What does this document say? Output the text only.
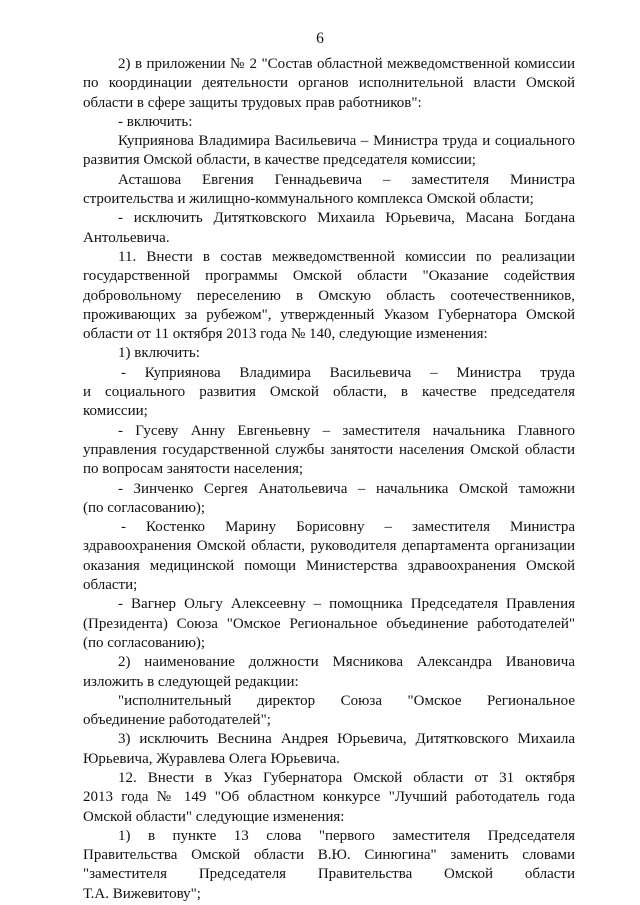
6
2) в приложении № 2 "Состав областной межведомственной комиссии
по координации деятельности органов исполнительной власти Омской
области в сфере защиты трудовых прав работников":
- включить:
Куприянова Владимира Васильевича – Министра труда и социального
развития Омской области, в качестве председателя комиссии;
Асташова Евгения Геннадьевича – заместителя Министра
строительства и жилищно-коммунального комплекса Омской области;
- исключить Дитятковского Михаила Юрьевича, Масана Богдана
Антольевича.
11. Внести в состав межведомственной комиссии по реализации
государственной программы Омской области "Оказание содействия
добровольному переселению в Омскую область соотечественников,
проживающих за рубежом", утвержденный Указом Губернатора Омской
области от 11 октября 2013 года № 140, следующие изменения:
1) включить:
- Куприянова Владимира Васильевича – Министра труда
и социального развития Омской области, в качестве председателя
комиссии;
- Гусеву Анну Евгеньевну – заместителя начальника Главного
управления государственной службы занятости населения Омской области
по вопросам занятости населения;
- Зинченко Сергея Анатольевича – начальника Омской таможни
(по согласованию);
- Костенко Марину Борисовну – заместителя Министра
здравоохранения Омской области, руководителя департамента организации
оказания медицинской помощи Министерства здравоохранения Омской
области;
- Вагнер Ольгу Алексеевну – помощника Председателя Правления
(Президента) Союза "Омское Региональное объединение работодателей"
(по согласованию);
2) наименование должности Мясникова Александра Ивановича
изложить в следующей редакции:
"исполнительный директор Союза "Омское Региональное
объединение работодателей";
3) исключить Веснина Андрея Юрьевича, Дитятковского Михаила
Юрьевича, Журавлева Олега Юрьевича.
12. Внести в Указ Губернатора Омской области от 31 октября
2013 года № 149 "Об областном конкурсе "Лучший работодатель года
Омской области" следующие изменения:
1) в пункте 13 слова "первого заместителя Председателя
Правительства Омской области В.Ю. Синюгина" заменить словами
"заместителя Председателя Правительства Омской области
Т.А. Вижевитову";
